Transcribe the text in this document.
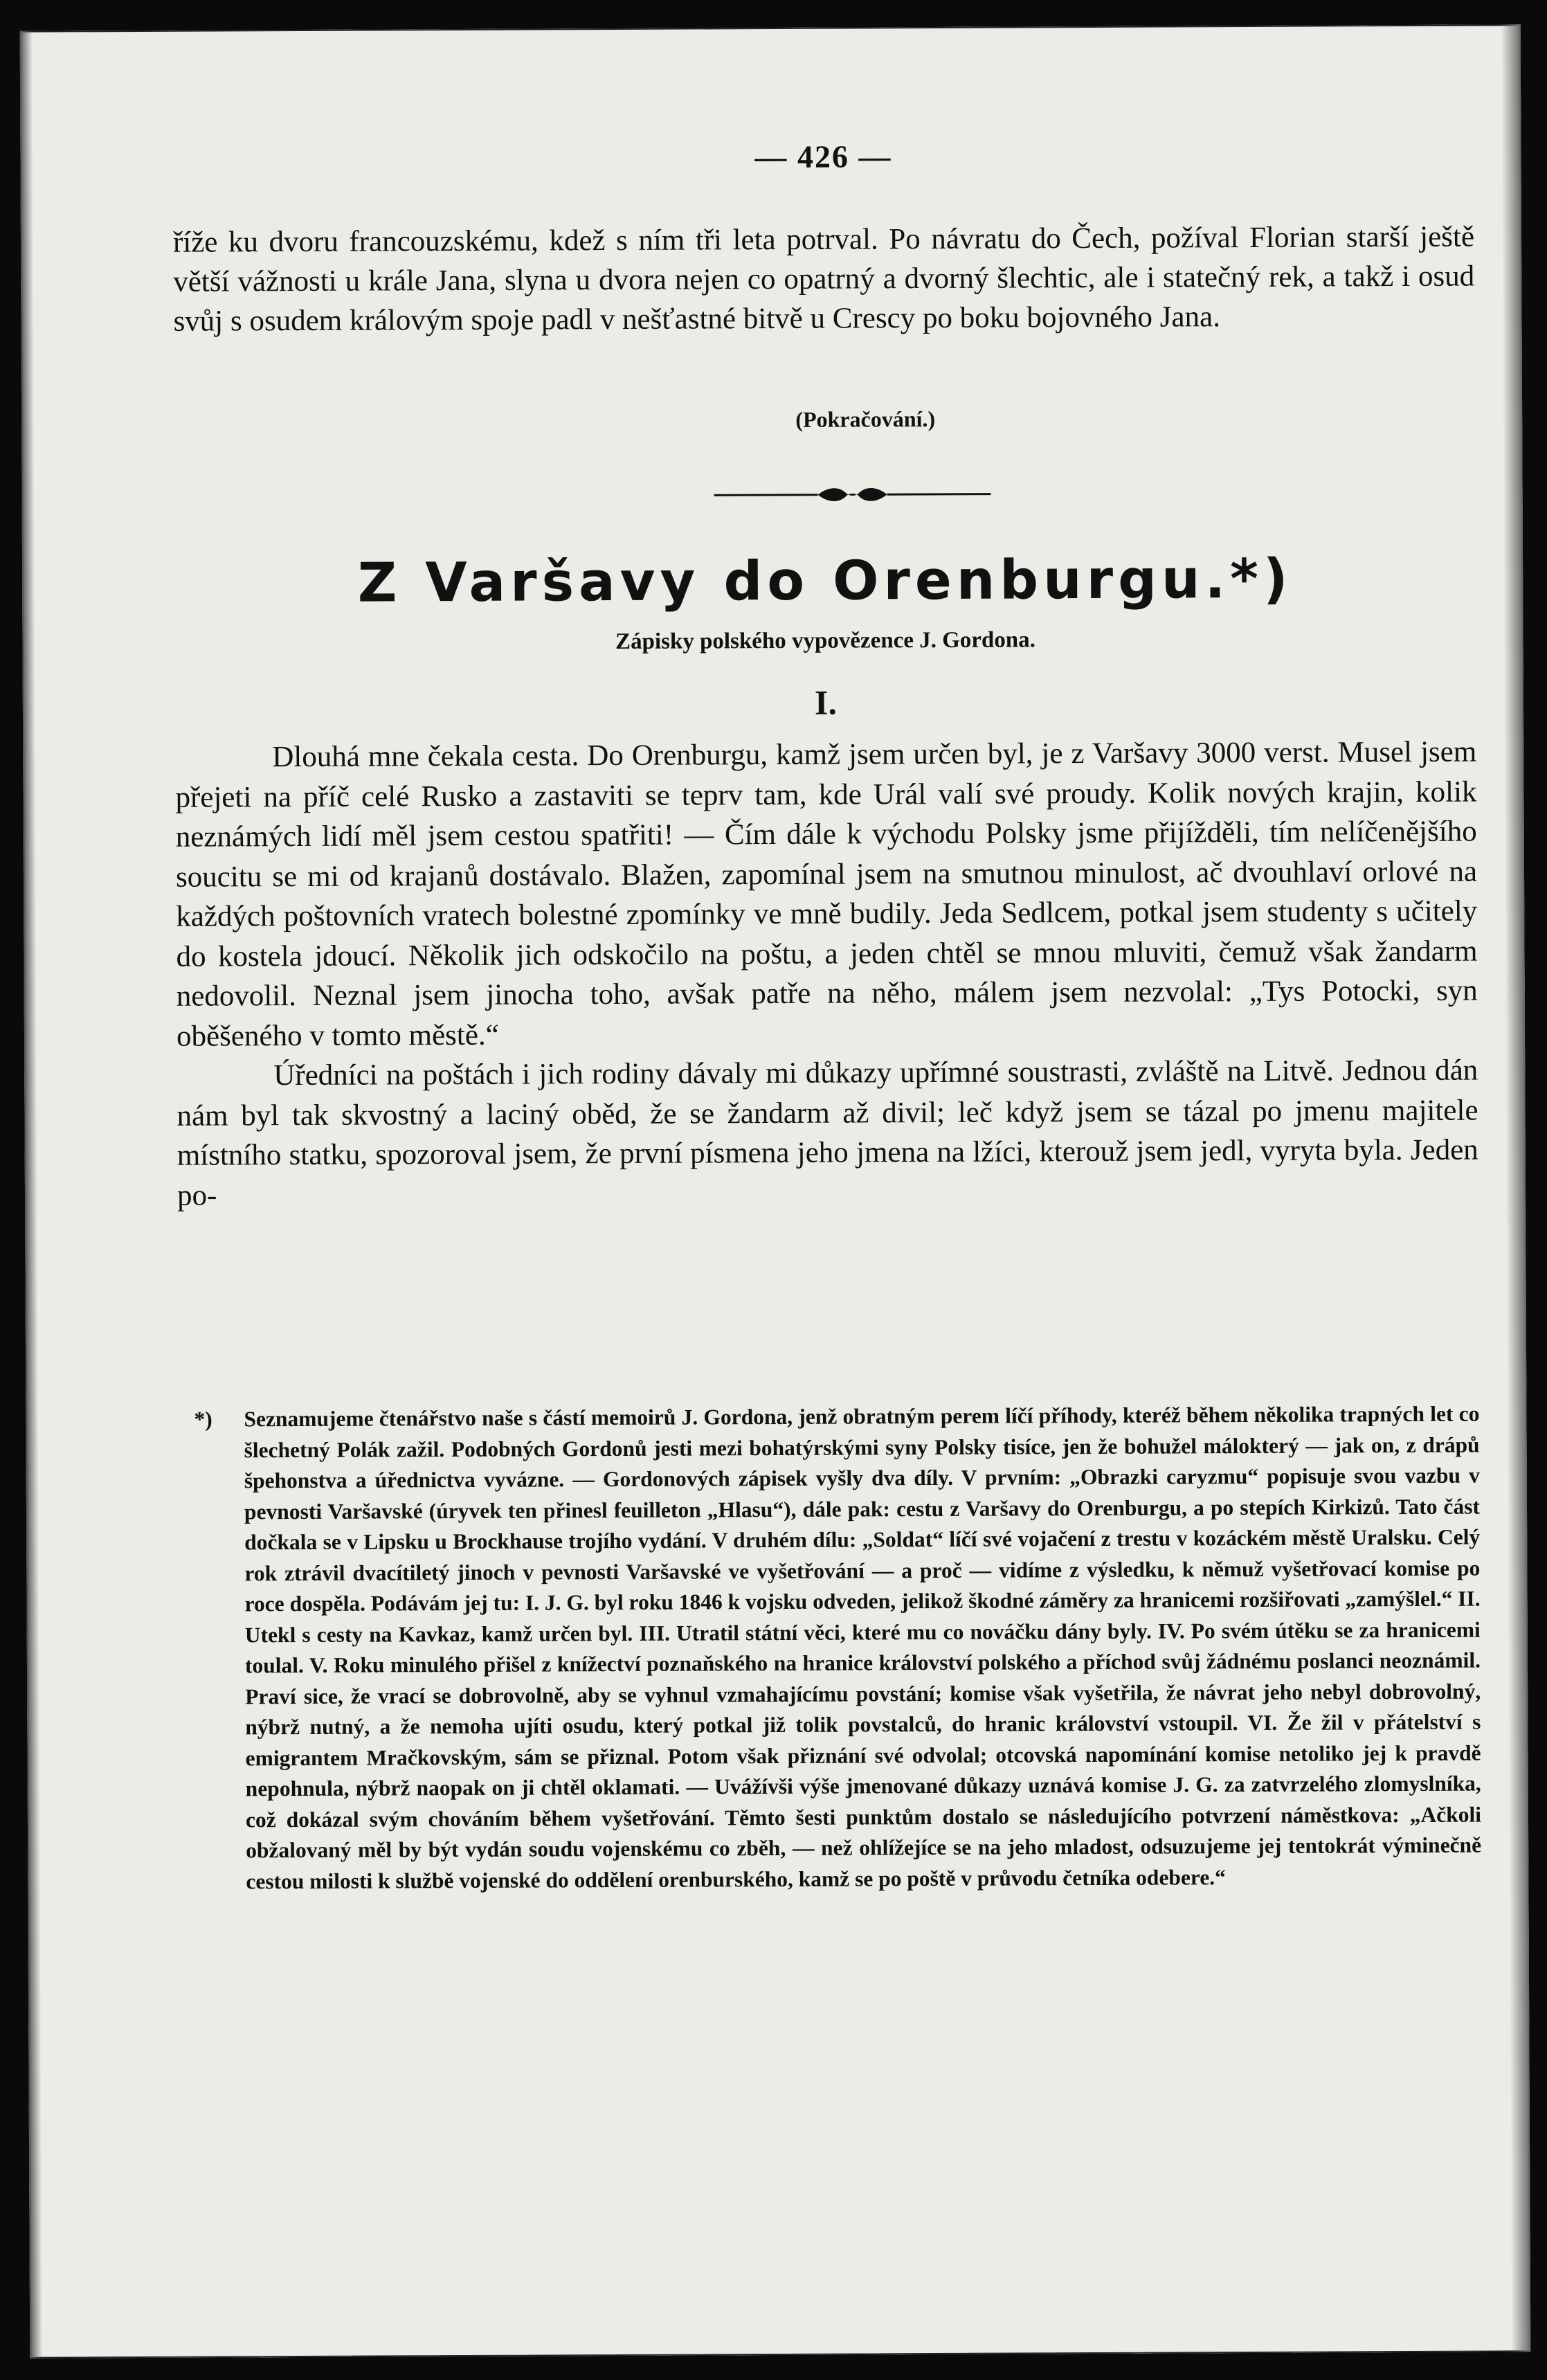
— 426 —

říže ku dvoru francouzskému, kdež s ním tři leta potrval. Po návratu do Čech, požíval Florian starší ještě větší vážnosti u krále Jana, slyna u dvora nejen co opatrný a dvorný šlechtic, ale i statečný rek, a takž i osud svůj s osudem královým spoje padl v nešťastné bitvě u Crescy po boku bojovného Jana.

(Pokračování.)
Z Varšavy do Orenburgu.*)
Zápisky polského vypovězence J. Gordona.
I.

Dlouhá mne čekala cesta. Do Orenburgu, kamž jsem určen byl, je z Varšavy 3000 verst. Musel jsem přejeti na příč celé Rusko a zastaviti se teprv tam, kde Urál valí své proudy. Kolik nových krajin, kolik neznámých lidí měl jsem cestou spatřiti! — Čím dále k východu Polsky jsme přijížděli, tím nelíčenějšího soucitu se mi od krajanů dostávalo. Blažen, zapomínal jsem na smutnou minulost, ač dvouhlaví orlové na každých poštovních vratech bolestné zpomínky ve mně budily. Jeda Sedlcem, potkal jsem studenty s učitely do kostela jdoucí. Několik jich odskočilo na poštu, a jeden chtěl se mnou mluviti, čemuž však žandarm nedovolil. Neznal jsem jinocha toho, avšak patře na něho, málem jsem nezvolal: „Tys Potocki, syn oběšeného v tomto městě.“

Úředníci na poštách i jich rodiny dávaly mi důkazy upřímné soustrasti, zvláště na Litvě. Jednou dán nám byl tak skvostný a laciný oběd, že se žandarm až divil; leč když jsem se tázal po jmenu majitele místního statku, spozoroval jsem, že první písmena jeho jmena na lžíci, kterouž jsem jedl, vyryta byla. Jeden po-

*) Seznamujeme čtenářstvo naše s částí memoirů J. Gordona, jenž obratným perem líčí příhody, kteréž během několika trapných let co šlechetný Polák zažil. Podobných Gordonů jesti mezi bohatýrskými syny Polsky tisíce, jen že bohužel málokterý — jak on, z drápů špehonstva a úřednictva vyvázne. — Gordonových zápisek vyšly dva díly. V prvním: „Obrazki caryzmu“ popisuje svou vazbu v pevnosti Varšavské (úryvek ten přinesl feuilleton „Hlasu“), dále pak: cestu z Varšavy do Orenburgu, a po stepích Kirkizů. Tato část dočkala se v Lipsku u Brockhause trojího vydání. V druhém dílu: „Soldat“ líčí své vojačení z trestu v kozáckém městě Uralsku. Celý rok ztrávil dvacítiletý jinoch v pevnosti Varšavské ve vyšetřování — a proč — vidíme z výsledku, k němuž vyšetřovací komise po roce dospěla. Podávám jej tu: I. J. G. byl roku 1846 k vojsku odveden, jelikož škodné záměry za hranicemi rozšiřovati „zamýšlel.“ II. Utekl s cesty na Kavkaz, kamž určen byl. III. Utratil státní věci, které mu co nováčku dány byly. IV. Po svém útěku se za hranicemi toulal. V. Roku minulého přišel z knížectví poznaňského na hranice království polského a příchod svůj žádnému poslanci neoznámil. Praví sice, že vrací se dobrovolně, aby se vyhnul vzmahajícímu povstání; komise však vyšetřila, že návrat jeho nebyl dobrovolný, nýbrž nutný, a že nemoha ujíti osudu, který potkal již tolik povstalců, do hranic království vstoupil. VI. Že žil v přátelství s emigrantem Mračkovským, sám se přiznal. Potom však přiznání své odvolal; otcovská napomínání komise netoliko jej k pravdě nepohnula, nýbrž naopak on ji chtěl oklamati. — Uvážívši výše jmenované důkazy uznává komise J. G. za zatvrzelého zlomyslníka, což dokázal svým chováním během vyšetřování. Těmto šesti punktům dostalo se následujícího potvrzení náměstkova: „Ačkoli obžalovaný měl by být vydán soudu vojenskému co zběh, — než ohlížejíce se na jeho mladost, odsuzujeme jej tentokrát výminečně cestou milosti k službě vojenské do oddělení orenburského, kamž se po poště v průvodu četníka odebere.“
